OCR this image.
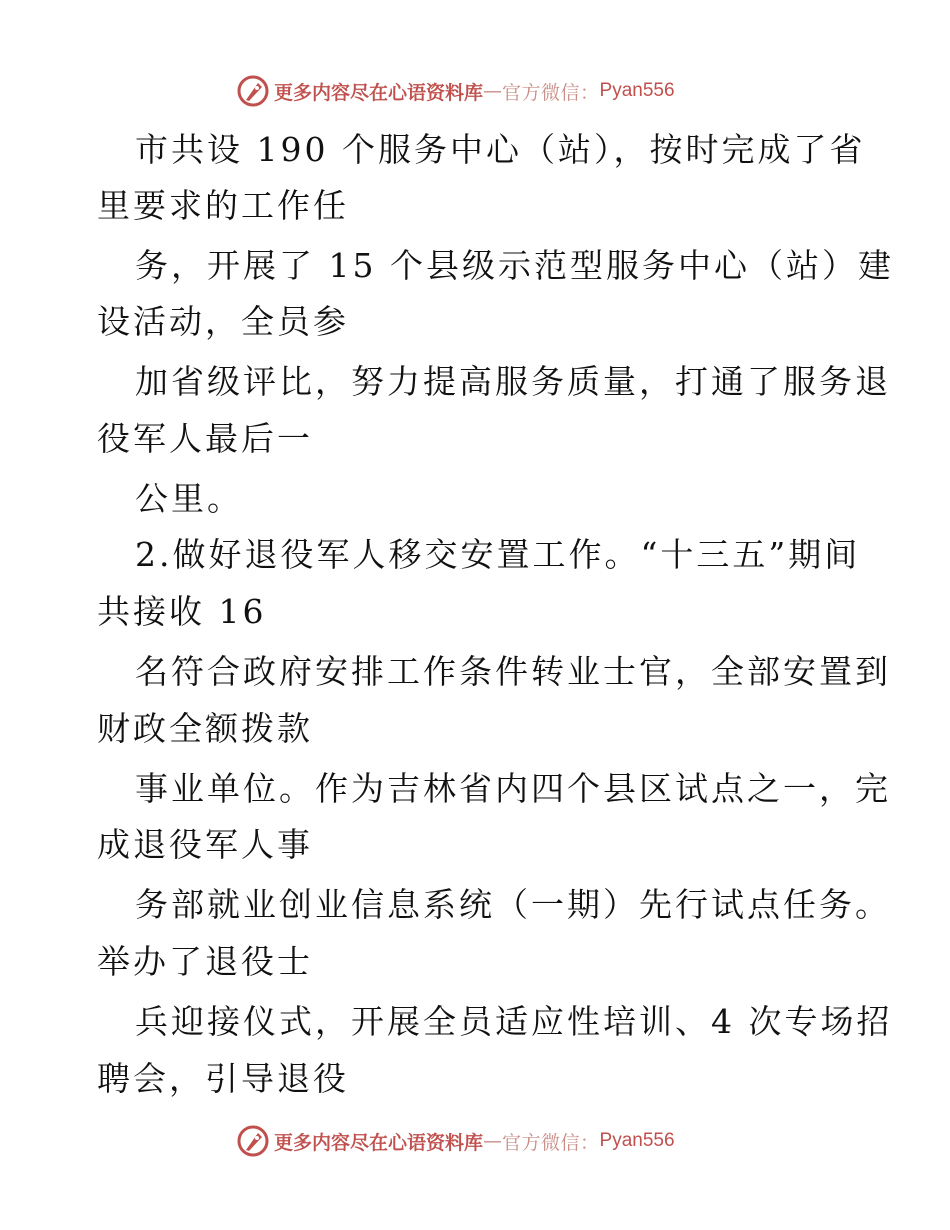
更多内容尽在心语资料库 — 官方微信： Pyan556
市共设 190 个服务中心（站），按时完成了省
里要求的工作任
务，开展了 15 个县级示范型服务中心（站）建
设活动，全员参
加省级评比，努力提高服务质量，打通了服务退
役军人最后一
公里。
2.做好退役军人移交安置工作。“十三五”期间
共接收 16
名符合政府安排工作条件转业士官，全部安置到
财政全额拨款
事业单位。作为吉林省内四个县区试点之一，完
成退役军人事
务部就业创业信息系统（一期）先行试点任务。
举办了退役士
兵迎接仪式，开展全员适应性培训、4 次专场招
聘会，引导退役
更多内容尽在心语资料库 — 官方微信： Pyan556
